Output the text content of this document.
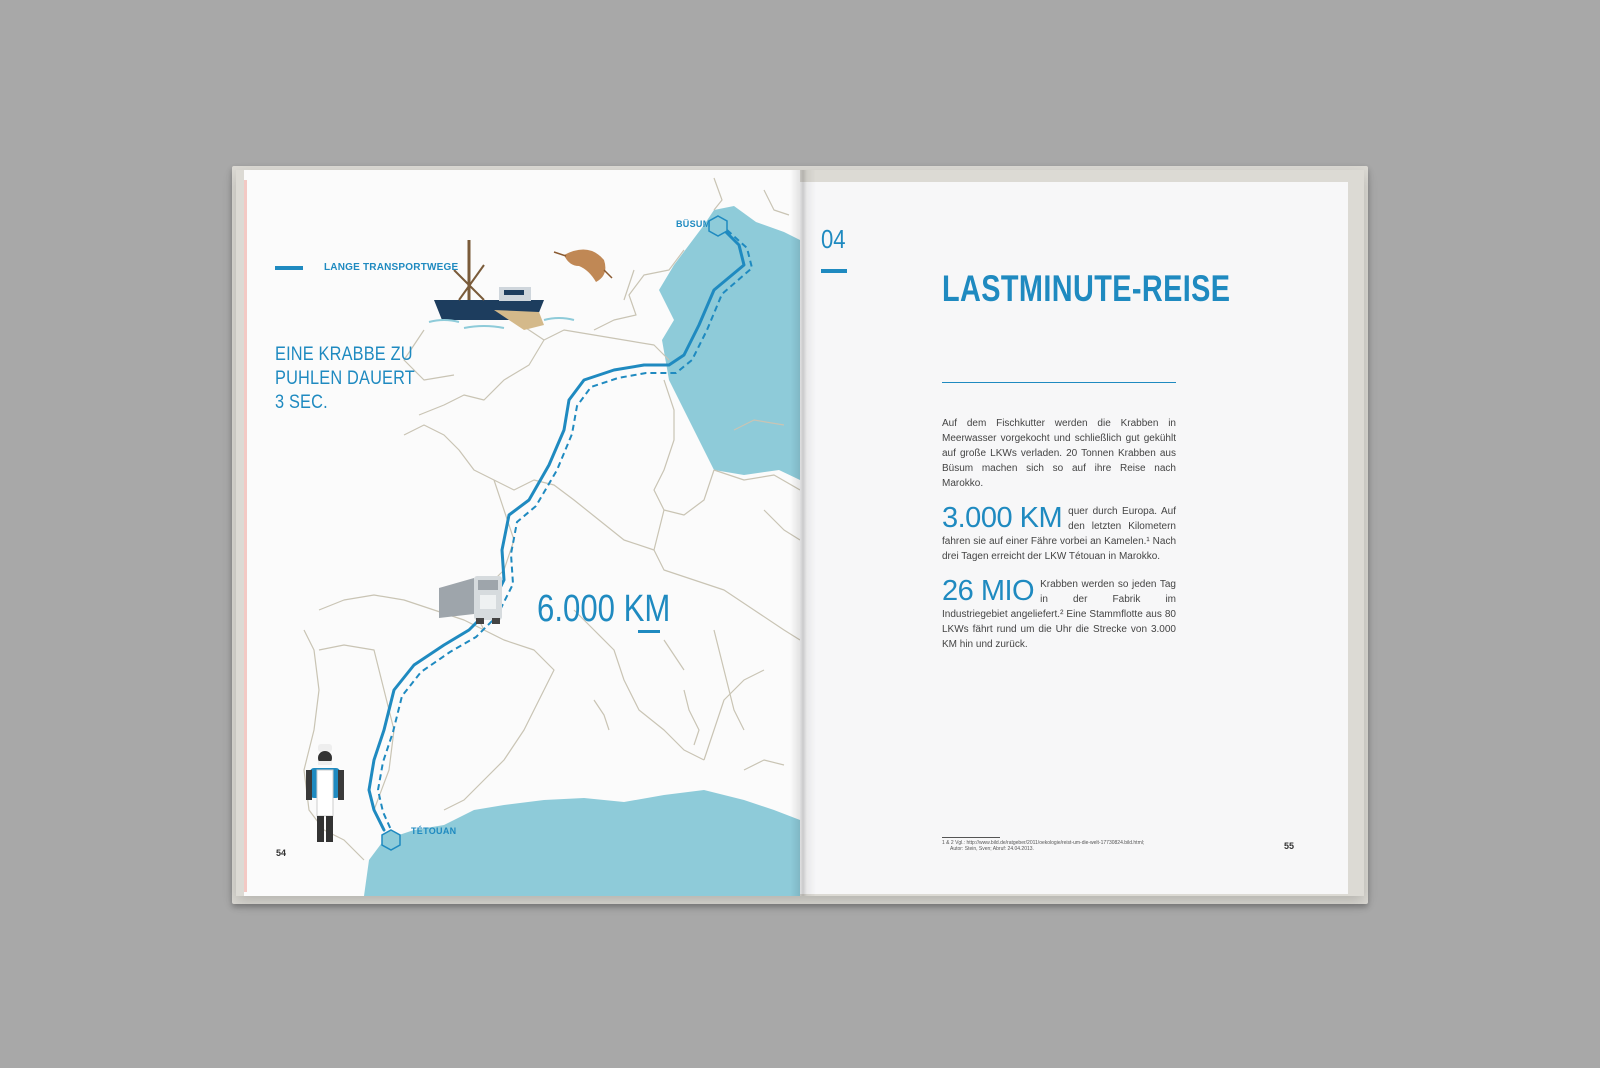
LANGE TRANSPORTWEGE
EINE KRABBE ZU PUHLEN DAUERT 3 SEC.
BÜSUM
TÉTOUAN
6.000 KM
54
04
LASTMINUTE-REISE

Auf dem Fischkutter werden die Krabben in Meerwasser vorgekocht und schließlich gut gekühlt auf große LKWs verladen. 20 Tonnen Krabben aus Büsum machen sich so auf ihre Reise nach Marokko.

3.000 KM quer durch Europa. Auf den letzten Kilometern fahren sie auf einer Fähre vorbei an Kamelen.¹ Nach drei Tagen erreicht der LKW Tétouan in Marokko.

26 MIO Krabben werden so jeden Tag in der Fabrik im Industriegebiet angeliefert.² Eine Stammflotte aus 80 LKWs fährt rund um die Uhr die Strecke von 3.000 KM hin und zurück.

1 & 2 Vgl.: http://www.bild.de/ratgeber/2011/oekologie/reist-um-die-welt-17730824.bild.html;
Autor: Stein, Sven; Abruf: 24.04.2013.	55
